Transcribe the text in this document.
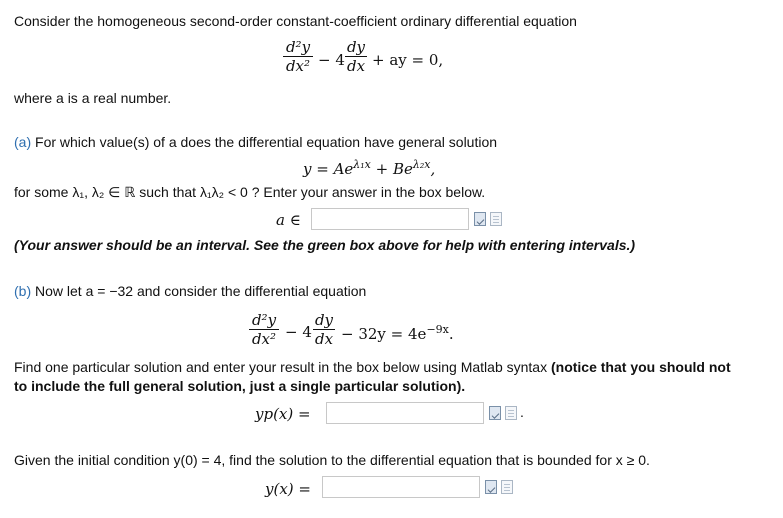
Consider the homogeneous second-order constant-coefficient ordinary differential equation
d²y
dx² − 4
dy
dx + ay = 0,
where a is a real number.
(a) For which value(s) of a does the differential equation have general solution
$y = Ae^{\lambda_1x} + Be^{\lambda_2x}$,
for some λ₁, λ₂ ∈ ℝ such that λ₁λ₂ < 0 ? Enter your answer in the box below.
a ∈
(Your answer should be an interval. See the green box above for help with entering intervals.)
(b) Now let a = −32 and consider the differential equation
d²y
dx² − 4
dy
dx − $32y = 4e^{-9x}$.
Find one particular solution and enter your result in the box below using Matlab syntax (notice that you should not
to include the full general solution, just a single particular solution).
yp(x) =	.
Given the initial condition y(0) = 4, find the solution to the differential equation that is bounded for x ≥ 0.
y(x) =
